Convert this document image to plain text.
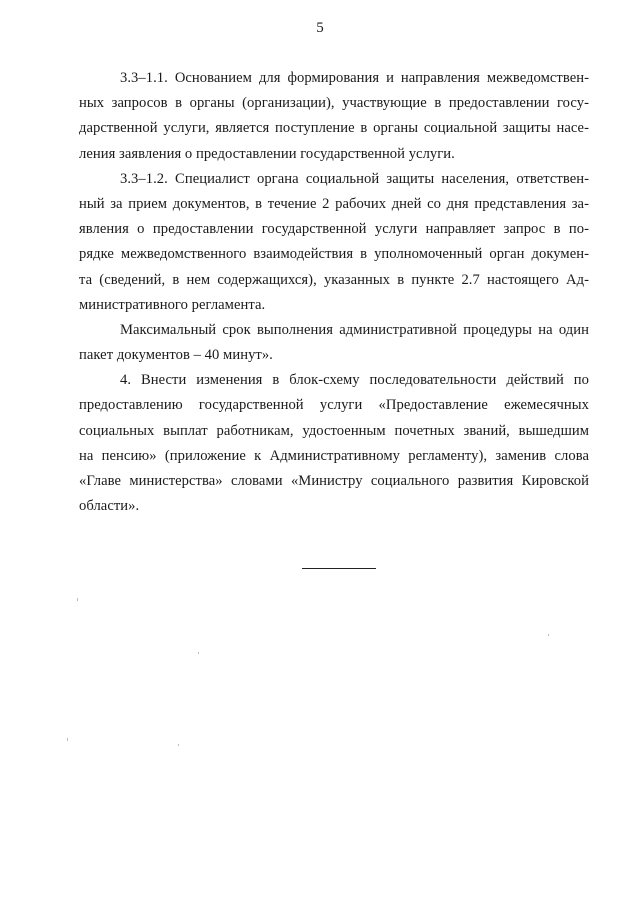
5
3.3–1.1. Основанием для формирования и направления межведомствен-
ных запросов в органы (организации), участвующие в предоставлении госу-
дарственной услуги, является поступление в органы социальной защиты насе-
ления заявления о предоставлении государственной услуги.
3.3–1.2. Специалист органа социальной защиты населения, ответствен-
ный за прием документов, в течение 2 рабочих дней со дня представления за-
явления о предоставлении государственной услуги направляет запрос в по-
рядке межведомственного взаимодействия в уполномоченный орган докумен-
та (сведений, в нем содержащихся), указанных в пункте 2.7 настоящего Ад-
министративного регламента.
Максимальный срок выполнения административной процедуры на один
пакет документов – 40 минут».
4. Внести изменения в блок-схему последовательности действий по
предоставлению государственной услуги «Предоставление ежемесячных
социальных выплат работникам, удостоенным почетных званий, вышедшим
на пенсию» (приложение к Административному регламенту), заменив слова
«Главе министерства» словами «Министру социального развития Кировской
области».
